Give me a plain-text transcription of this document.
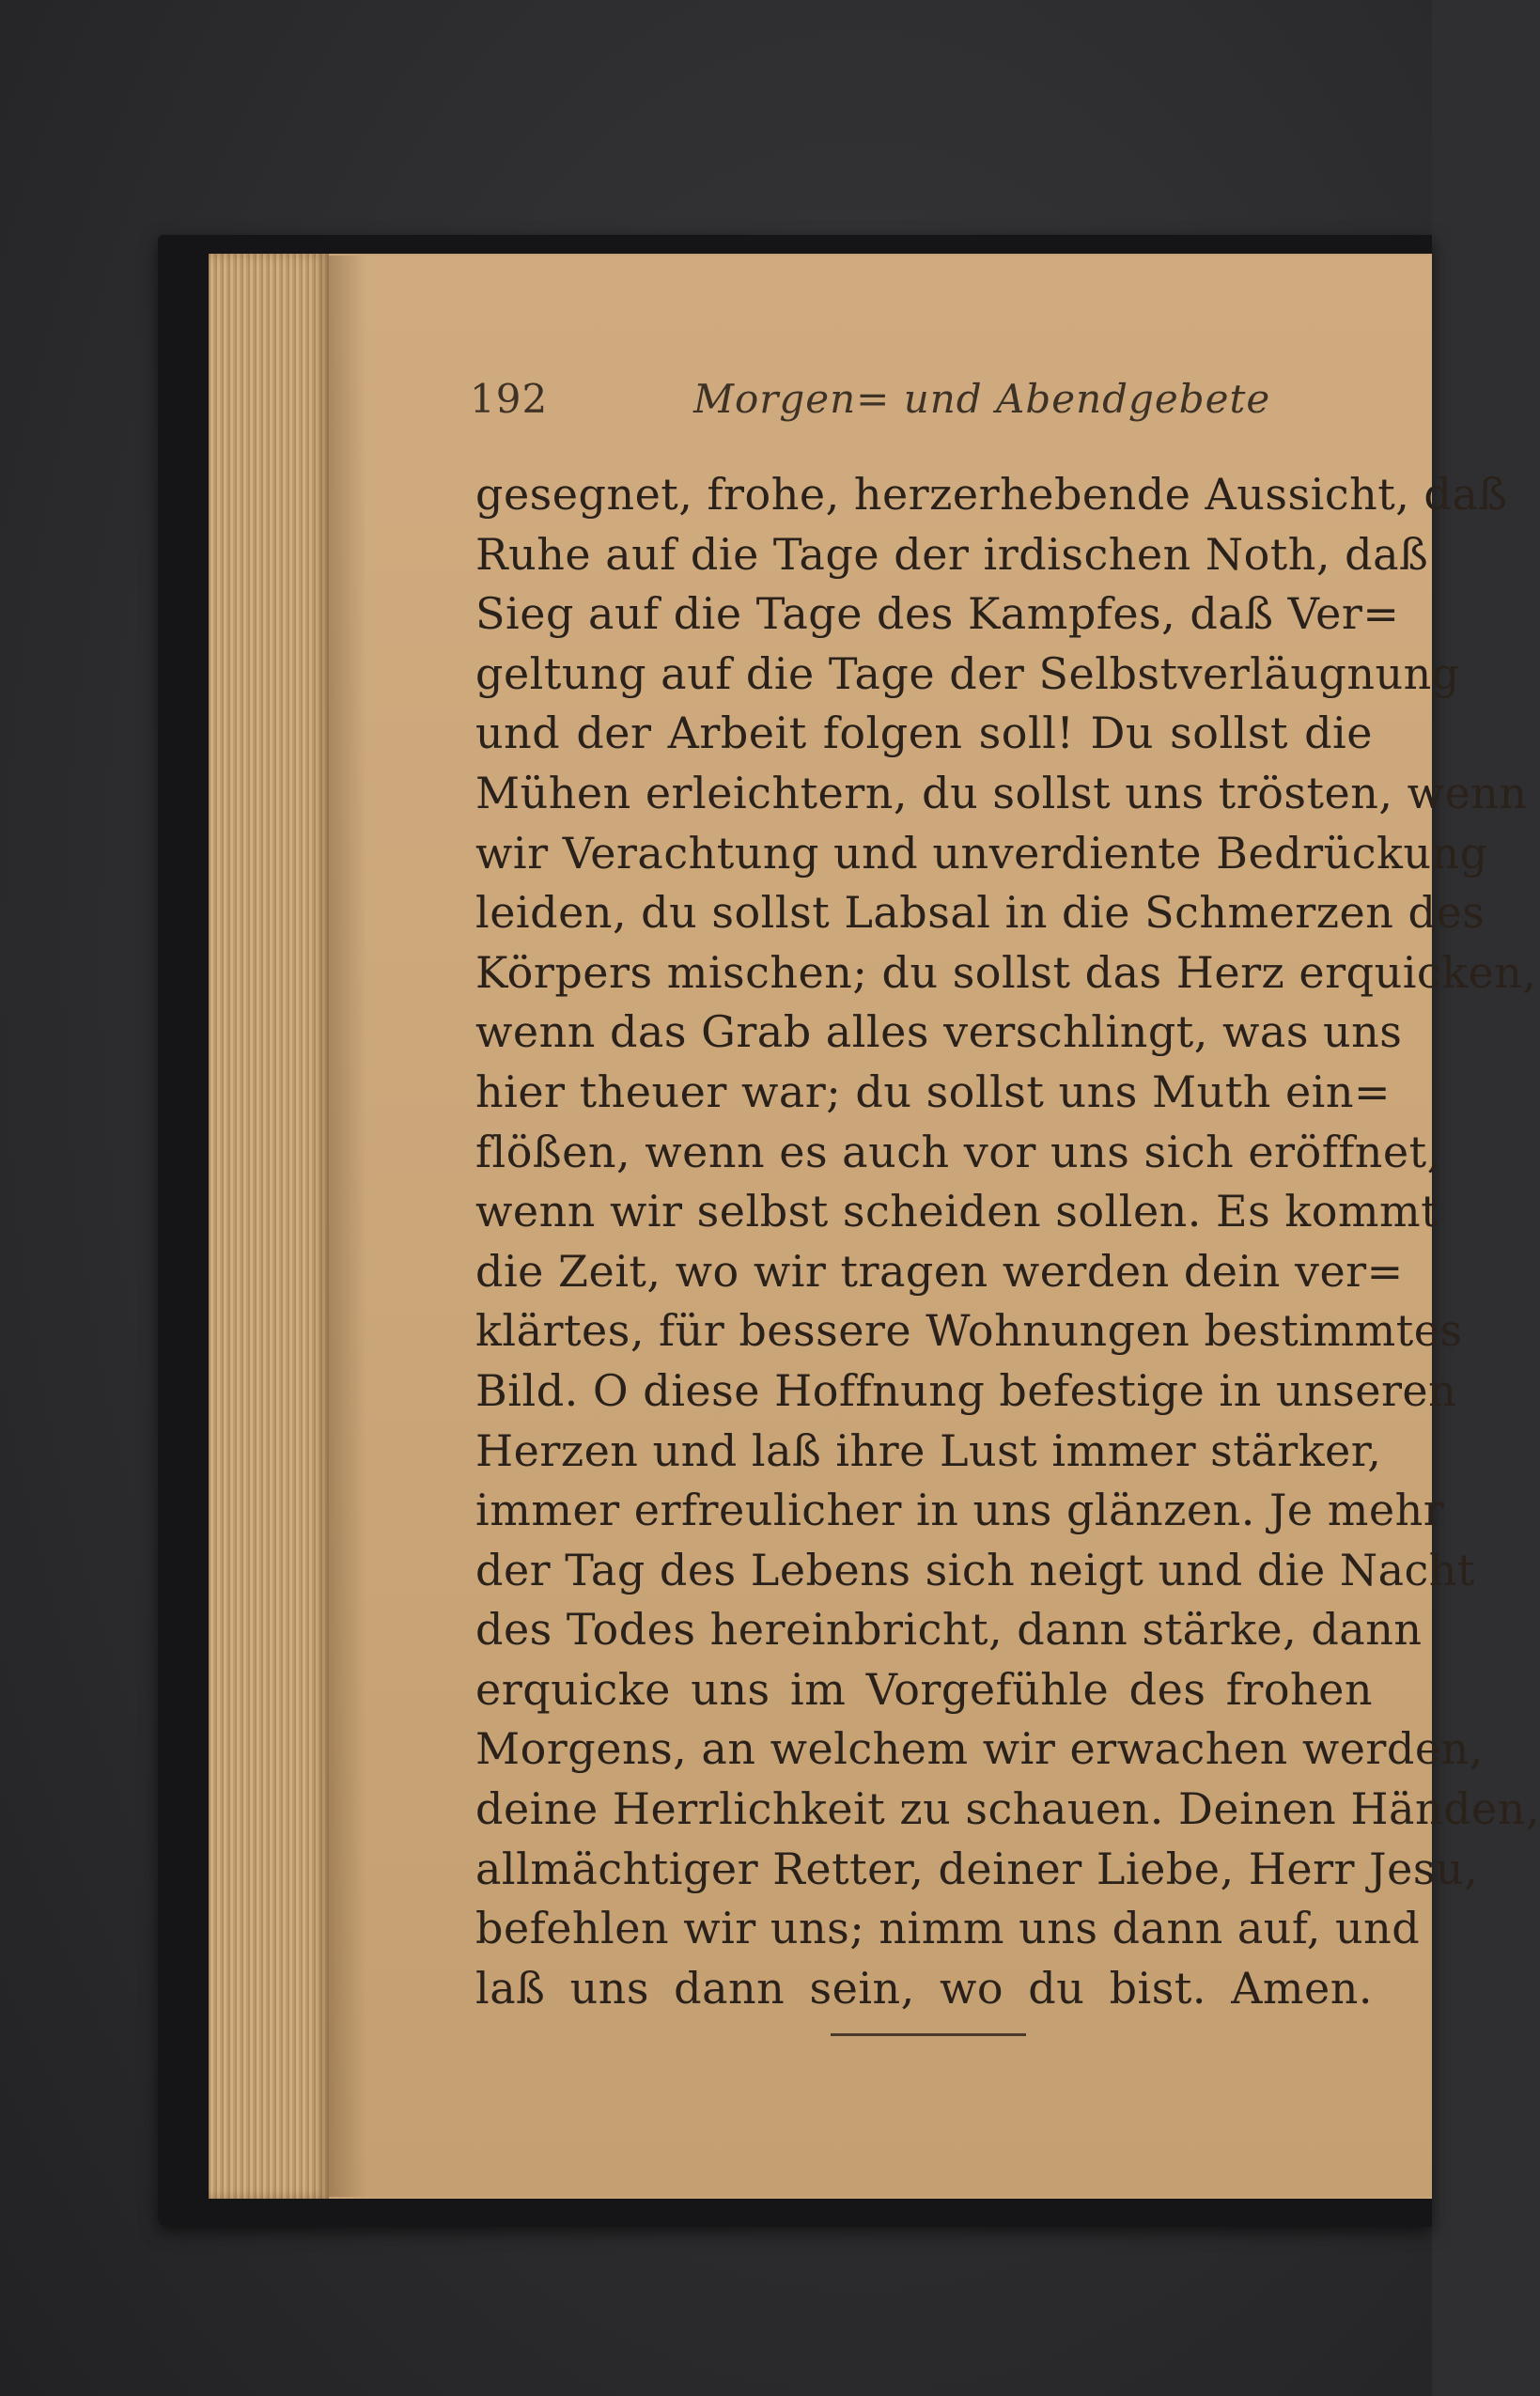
192	Morgen= und Abendgebete
gesegnet, frohe, herzerhebende Aussicht, daß
Ruhe auf die Tage der irdischen Noth, daß
Sieg auf die Tage des Kampfes, daß Ver=
geltung auf die Tage der Selbstverläugnung
und der Arbeit folgen soll! Du sollst die
Mühen erleichtern, du sollst uns trösten, wenn
wir Verachtung und unverdiente Bedrückung
leiden, du sollst Labsal in die Schmerzen des
Körpers mischen; du sollst das Herz erquicken,
wenn das Grab alles verschlingt, was uns
hier theuer war; du sollst uns Muth ein=
flößen, wenn es auch vor uns sich eröffnet,
wenn wir selbst scheiden sollen. Es kommt
die Zeit, wo wir tragen werden dein ver=
klärtes, für bessere Wohnungen bestimmtes
Bild. O diese Hoffnung befestige in unseren
Herzen und laß ihre Lust immer stärker,
immer erfreulicher in uns glänzen. Je mehr
der Tag des Lebens sich neigt und die Nacht
des Todes hereinbricht, dann stärke, dann
erquicke uns im Vorgefühle des frohen
Morgens, an welchem wir erwachen werden,
deine Herrlichkeit zu schauen. Deinen Händen,
allmächtiger Retter, deiner Liebe, Herr Jesu,
befehlen wir uns; nimm uns dann auf, und
laß uns dann sein, wo du bist. Amen.
